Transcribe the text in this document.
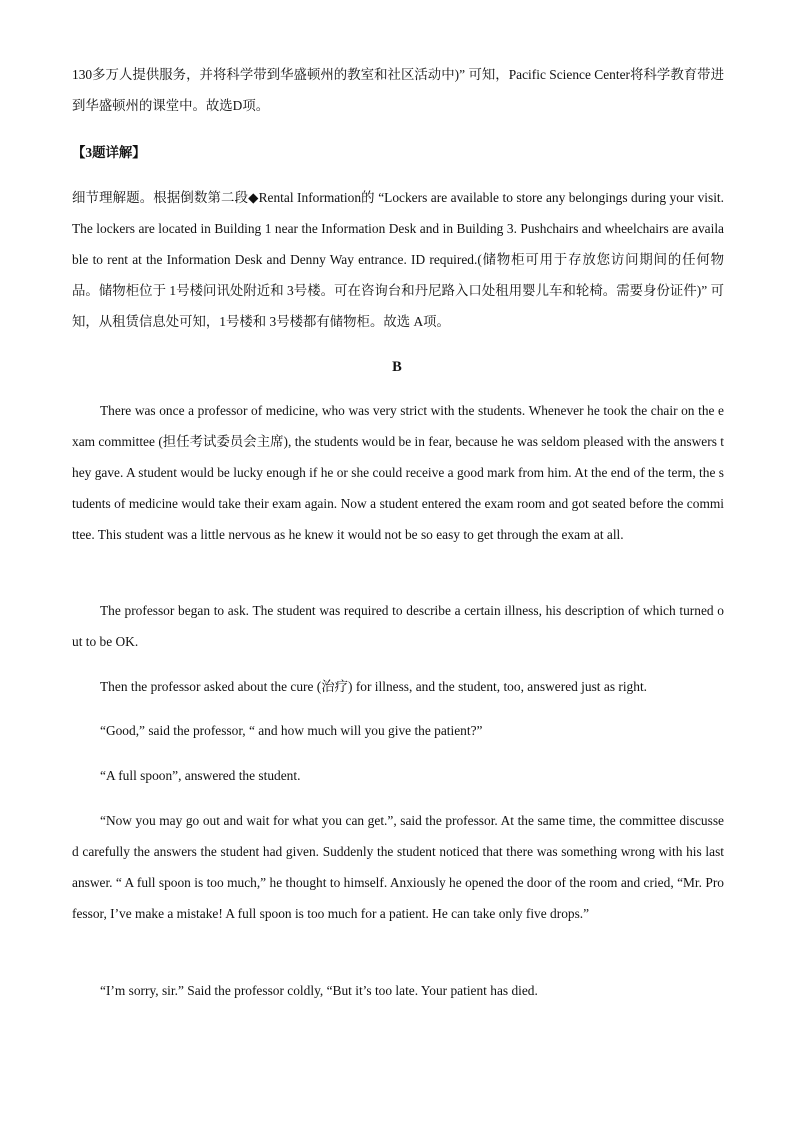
130多万人提供服务，并将科学带到华盛顿州的教室和社区活动中)” 可知，Pacific Science Center将科学教育带进到华盛顿州的课堂中。故选D项。

【3题详解】

细节理解题。根据倒数第二段◆Rental Information的 “Lockers are available to store any belongings during your visit. The lockers are located in Building 1 near the Information Desk and in Building 3. Pushchairs and wheelchairs are available to rent at the Information Desk and Denny Way entrance. ID required.(储物柜可用于存放您访问期间的任何物品。储物柜位于 1号楼问讯处附近和 3号楼。可在咨询台和丹尼路入口处租用婴儿车和轮椅。需要身份证件)” 可知，从租赁信息处可知，1号楼和 3号楼都有储物柜。故选 A项。

B

There was once a professor of medicine, who was very strict with the students. Whenever he took the chair on the exam committee (担任考试委员会主席), the students would be in fear, because he was seldom pleased with the answers they gave. A student would be lucky enough if he or she could receive a good mark from him. At the end of the term, the students of medicine would take their exam again. Now a student entered the exam room and got seated before the committee. This student was a little nervous as he knew it would not be so easy to get through the exam at all.

The professor began to ask. The student was required to describe a certain illness, his description of which turned out to be OK.

Then the professor asked about the cure (治疗) for illness, and the student, too, answered just as right.

“Good,” said the professor, “ and how much will you give the patient?”

“A full spoon”, answered the student.

“Now you may go out and wait for what you can get.”, said the professor. At the same time, the committee discussed carefully the answers the student had given. Suddenly the student noticed that there was something wrong with his last answer. “ A full spoon is too much,” he thought to himself. Anxiously he opened the door of the room and cried, “Mr. Professor, I’ve make a mistake! A full spoon is too much for a patient. He can take only five drops.”

“I’m sorry, sir.” Said the professor coldly, “But it’s too late. Your patient has died.
